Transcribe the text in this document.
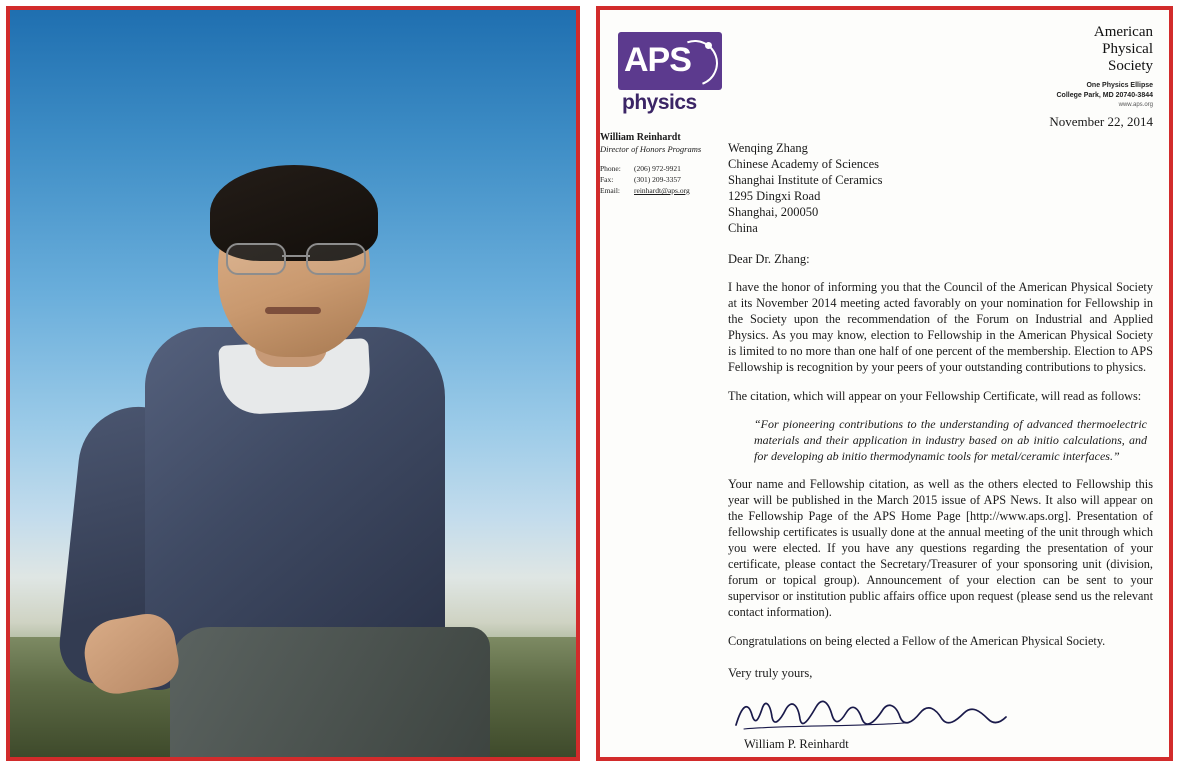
APS
physics
American
Physical
Society
One Physics Ellipse
College Park, MD 20740-3844
www.aps.org
William Reinhardt
Director of Honors Programs
Phone:	(206) 972-9921
Fax:	(301) 209-3357
Email:	reinhardt@aps.org
November 22, 2014
Wenqing Zhang
Chinese Academy of Sciences
Shanghai Institute of Ceramics
1295 Dingxi Road
Shanghai, 200050
China
Dear Dr. Zhang:
I have the honor of informing you that the Council of the American Physical Society at its November 2014 meeting acted favorably on your nomination for Fellowship in the Society upon the recommendation of the Forum on Industrial and Applied Physics. As you may know, election to Fellowship in the American Physical Society is limited to no more than one half of one percent of the membership. Election to APS Fellowship is recognition by your peers of your outstanding contributions to physics.
The citation, which will appear on your Fellowship Certificate, will read as follows:
“For pioneering contributions to the understanding of advanced thermoelectric materials and their application in industry based on ab initio calculations, and for developing ab initio thermodynamic tools for metal/ceramic interfaces.”
Your name and Fellowship citation, as well as the others elected to Fellowship this year will be published in the March 2015 issue of APS News. It also will appear on the Fellowship Page of the APS Home Page [http://www.aps.org]. Presentation of fellowship certificates is usually done at the annual meeting of the unit through which you were elected. If you have any questions regarding the presentation of your certificate, please contact the Secretary/Treasurer of your sponsoring unit (division, forum or topical group). Announcement of your election can be sent to your supervisor or institution public affairs office upon request (please send us the relevant contact information).
Congratulations on being elected a Fellow of the American Physical Society.
Very truly yours,
William P. Reinhardt
